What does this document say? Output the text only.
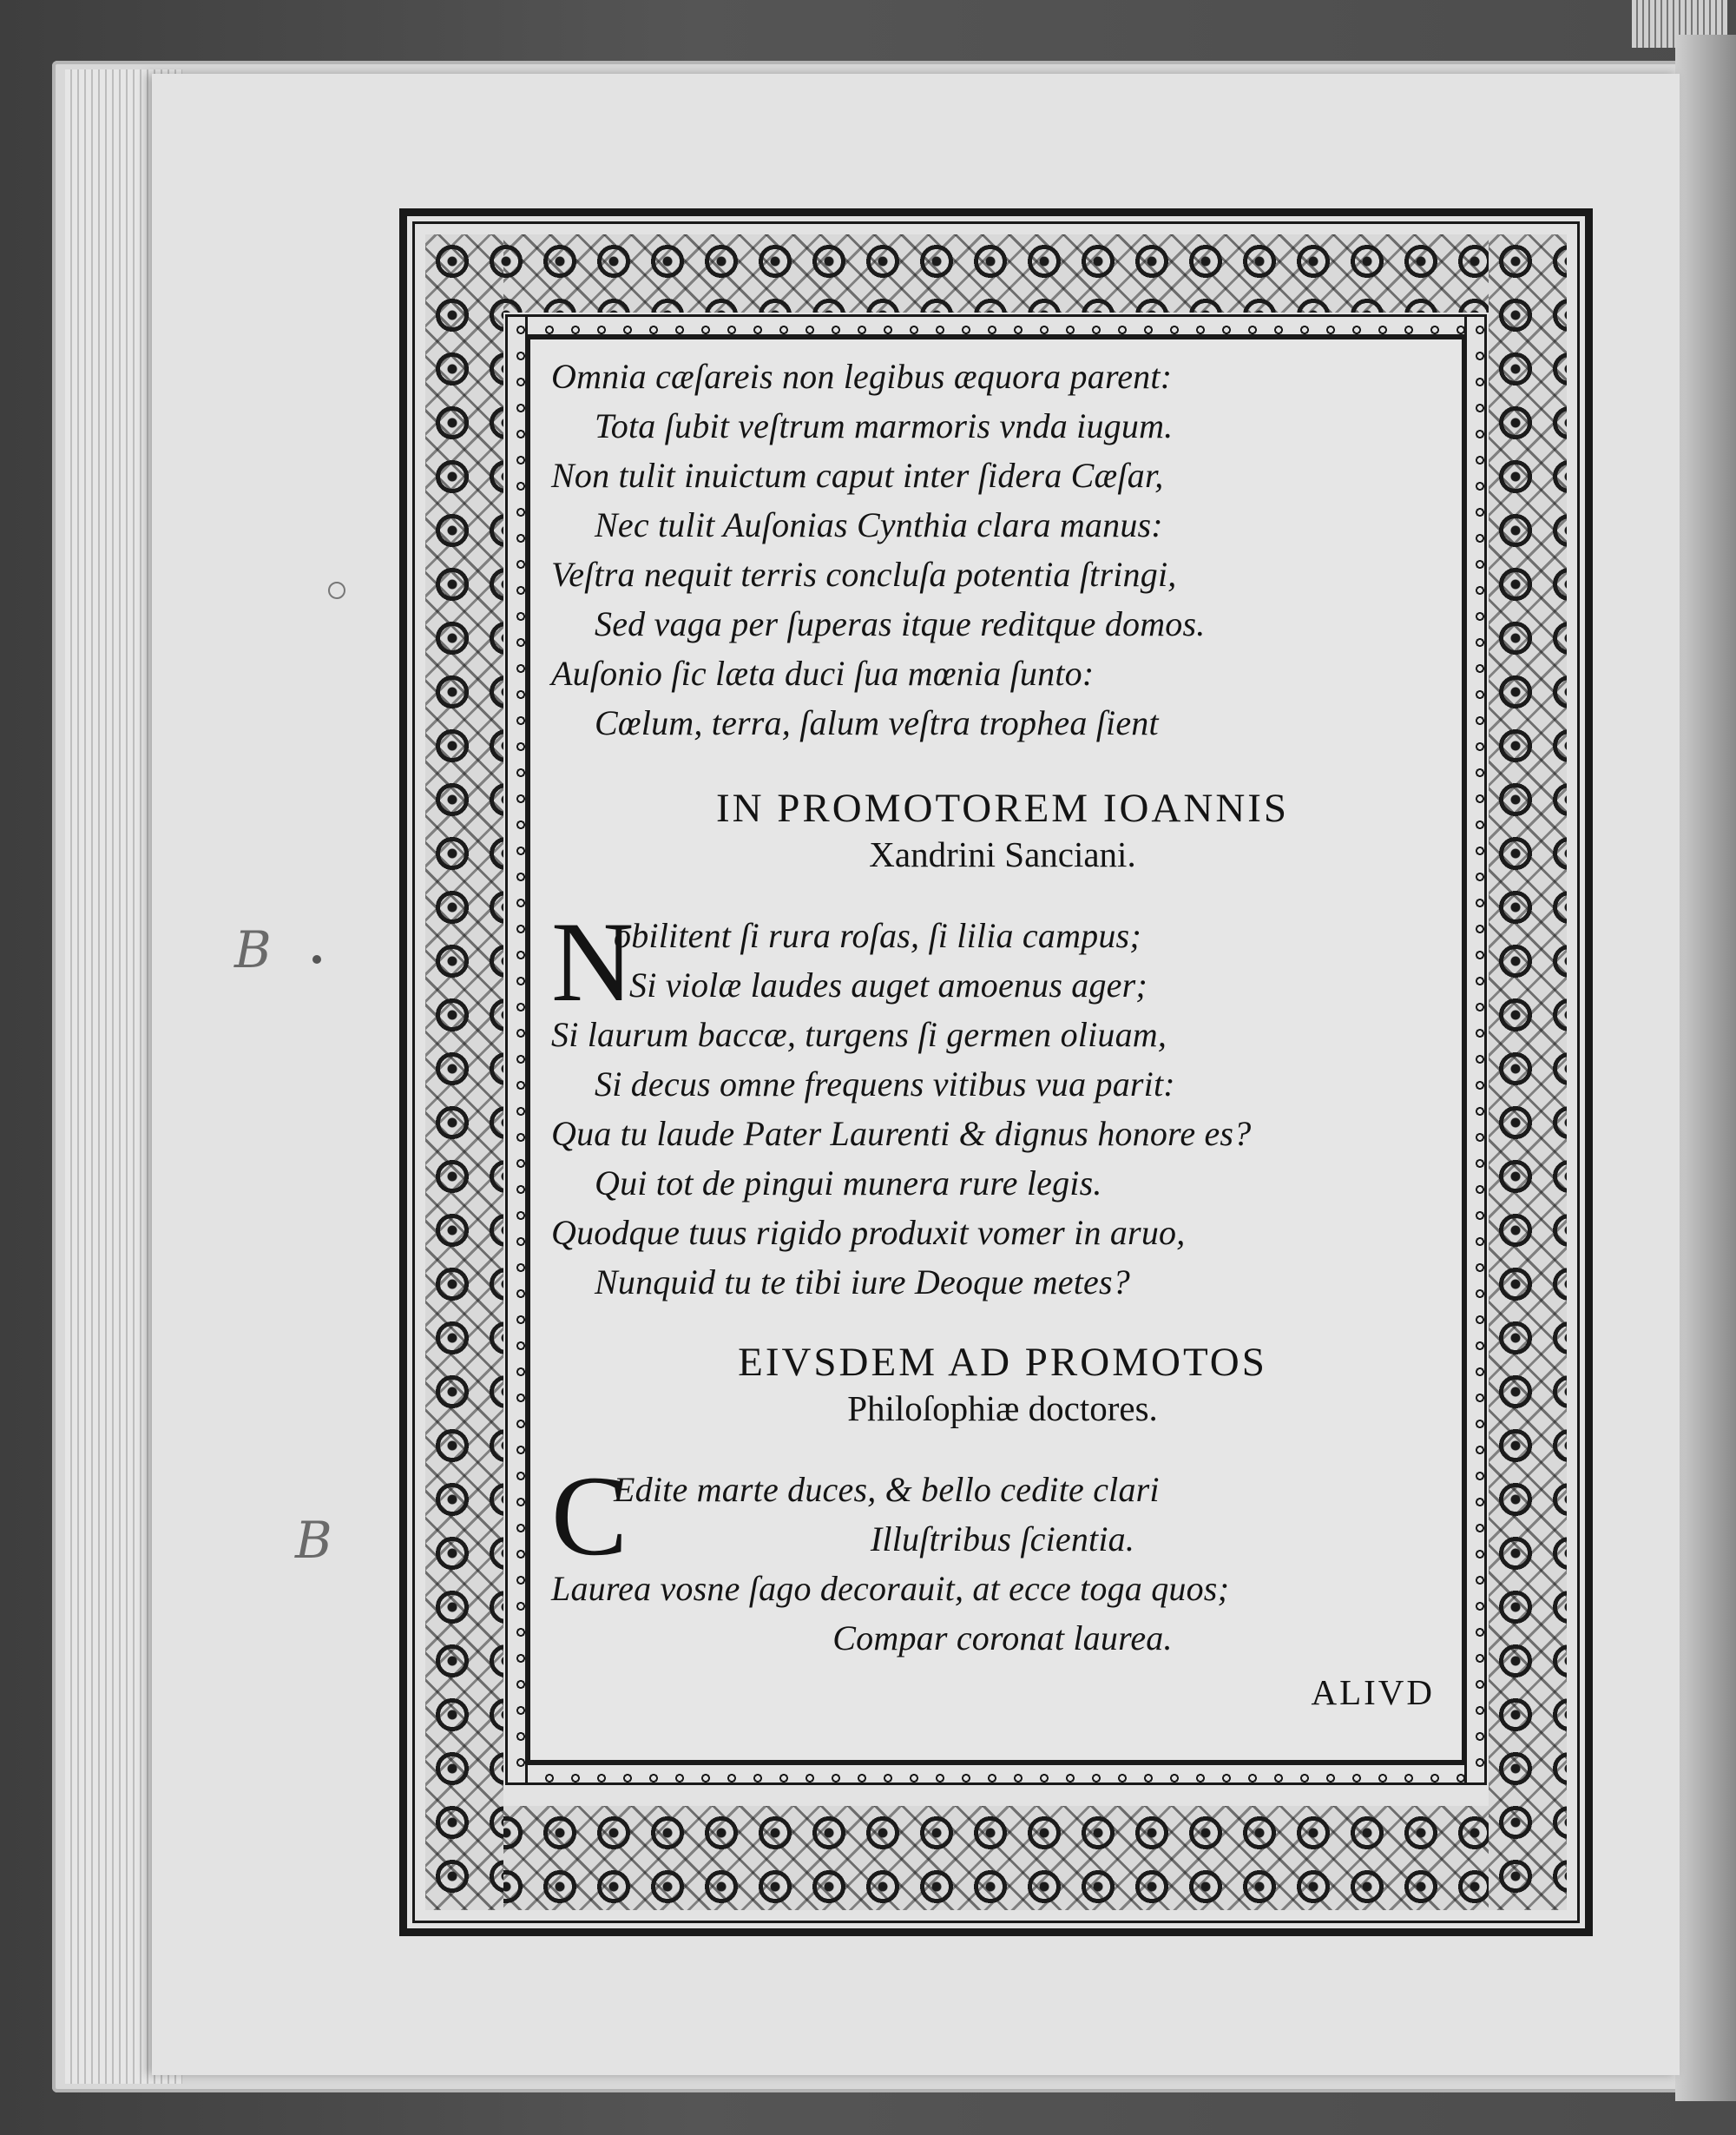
B
B
Omnia cæſareis non legibus æquora parent:
Tota ſubit veſtrum marmoris vnda iugum.
Non tulit inuictum caput inter ſidera Cæſar,
Nec tulit Auſonias Cynthia clara manus:
Veſtra nequit terris concluſa potentia ſtringi,
Sed vaga per ſuperas itque reditque domos.
Auſonio ſic læta duci ſua mœnia ſunto:
Cœlum, terra, ſalum veſtra trophea ſient
IN PROMOTOREM IOANNIS
Xandrini Sanciani.
N
obilitent ſi rura roſas, ſi lilia campus;
Si violæ laudes auget amoenus ager;
Si laurum baccæ, turgens ſi germen oliuam,
Si decus omne frequens vitibus vua parit:
Qua tu laude Pater Laurenti & dignus honore es?
Qui tot de pingui munera rure legis.
Quodque tuus rigido produxit vomer in aruo,
Nunquid tu te tibi iure Deoque metes?
EIVSDEM AD PROMOTOS
Philoſophiæ doctores.
C
Edite marte duces, & bello cedite clari
Illuſtribus ſcientia.
Laurea vosne ſago decorauit, at ecce toga quos;
Compar coronat laurea.
ALIVD
